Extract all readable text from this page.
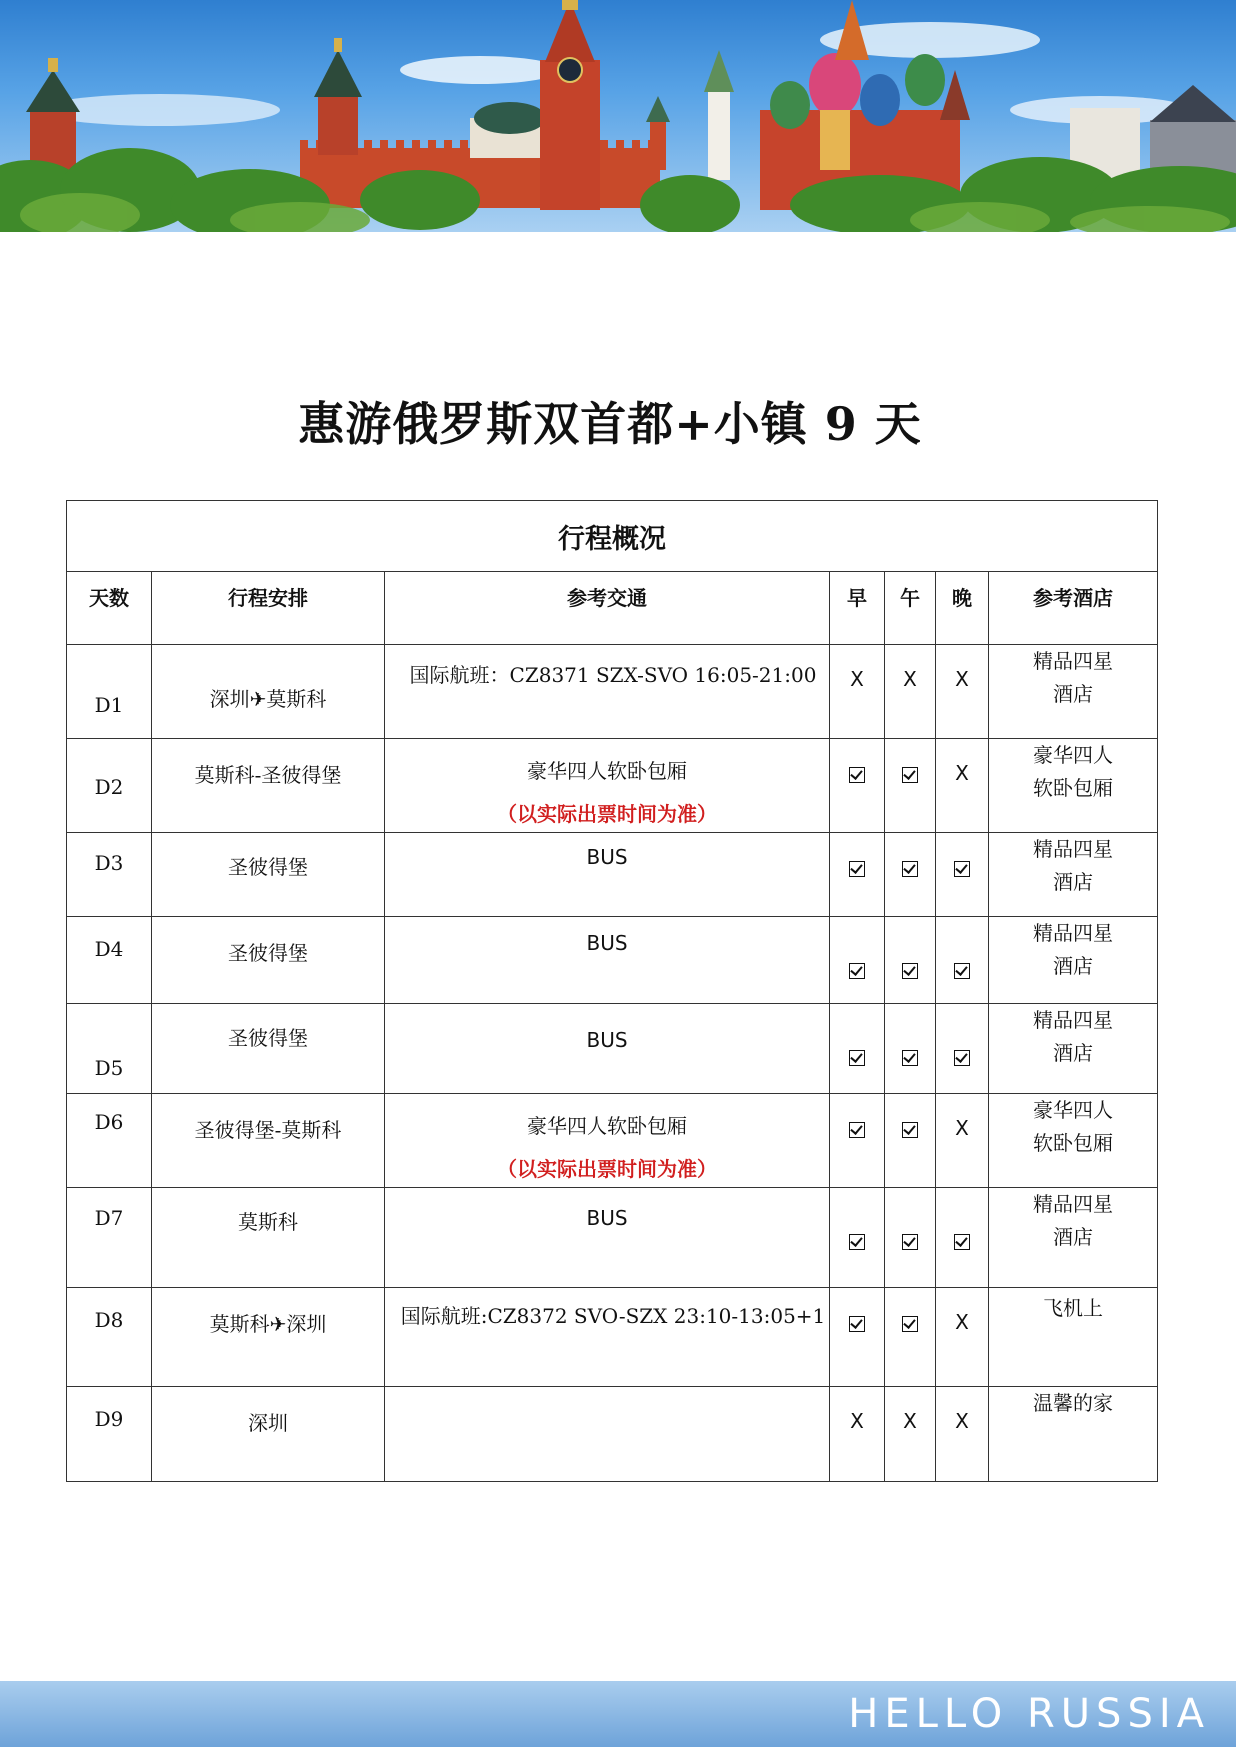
惠游俄罗斯双首都+小镇 9 天
行程概况						
天数	行程安排	参考交通	早	午	晚	参考酒店

D1	深圳✈莫斯科	国际航班：CZ8371 SZX-SVO 16:05-21:00	X	X	X	精品四星
酒店

D2	莫斯科-圣彼得堡	豪华四人软卧包厢
（以实际出票时间为准）			X	豪华四人
软卧包厢

D3	圣彼得堡	BUS				精品四星
酒店

D4	圣彼得堡	BUS				精品四星
酒店

D5	圣彼得堡	BUS				精品四星
酒店

D6	圣彼得堡-莫斯科	豪华四人软卧包厢
（以实际出票时间为准）			X	豪华四人
软卧包厢

D7	莫斯科	BUS				精品四星
酒店

D8	莫斯科✈深圳	国际航班:CZ8372 SVO-SZX 23:10-13:05+1			X	飞机上

D9	深圳		X	X	X	温馨的家
HELLO RUSSIA
